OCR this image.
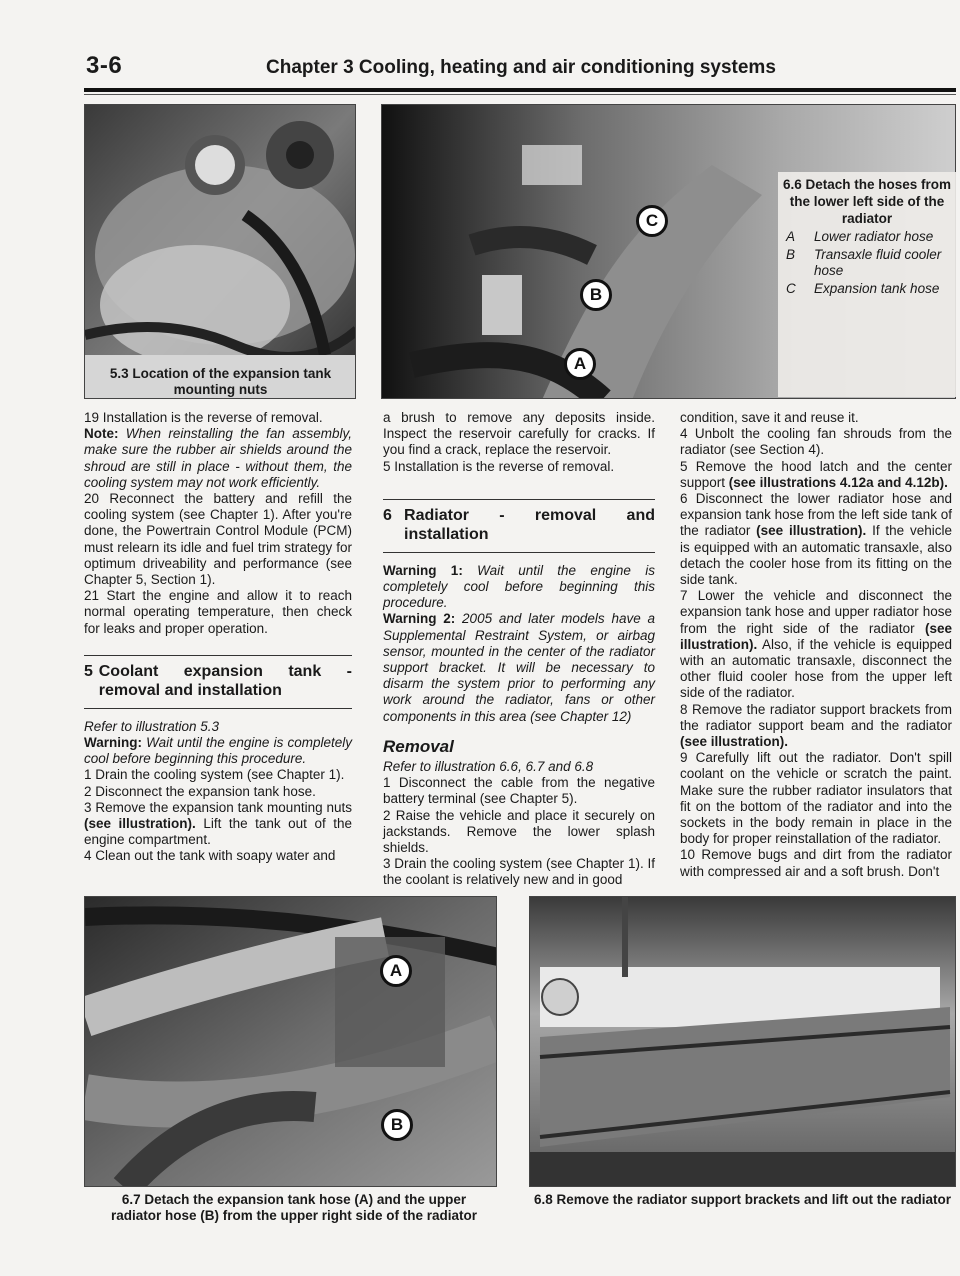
3-6	Chapter 3 Cooling, heating and air conditioning systems
5.3 Location of the expansion tank mounting nuts
C
B
A
6.6 Detach the hoses from the lower left side of the radiator
A	Lower radiator hose
B	Transaxle fluid cooler hose
C	Expansion tank hose

19 Installation is the reverse of removal.

Note: When reinstalling the fan assembly, make sure the rubber air shields around the shroud are still in place - without them, the cooling system may not work efficiently.

20 Reconnect the battery and refill the cooling system (see Chapter 1). After you're done, the Powertrain Control Module (PCM) must relearn its idle and fuel trim strategy for optimum driveability and performance (see Chapter 5, Section 1).

21 Start the engine and allow it to reach normal operating temperature, then check for leaks and proper operation.

5 Coolant expansion tank - removal and installation

Refer to illustration 5.3

Warning: Wait until the engine is completely cool before beginning this procedure.

1 Drain the cooling system (see Chapter 1).

2 Disconnect the expansion tank hose.

3 Remove the expansion tank mounting nuts (see illustration). Lift the tank out of the engine compartment.

4 Clean out the tank with soapy water and

a brush to remove any deposits inside. Inspect the reservoir carefully for cracks. If you find a crack, replace the reservoir.

5 Installation is the reverse of removal.

6 Radiator - removal and installation

Warning 1: Wait until the engine is completely cool before beginning this procedure.

Warning 2: 2005 and later models have a Supplemental Restraint System, or airbag sensor, mounted in the center of the radiator support bracket. It will be necessary to disarm the system prior to performing any work around the radiator, fans or other components in this area (see Chapter 12)

Removal

Refer to illustration 6.6, 6.7 and 6.8

1 Disconnect the cable from the negative battery terminal (see Chapter 5).

2 Raise the vehicle and place it securely on jackstands. Remove the lower splash shields.

3 Drain the cooling system (see Chapter 1). If the coolant is relatively new and in good

condition, save it and reuse it.

4 Unbolt the cooling fan shrouds from the radiator (see Section 4).

5 Remove the hood latch and the center support (see illustrations 4.12a and 4.12b).

6 Disconnect the lower radiator hose and expansion tank hose from the left side tank of the radiator (see illustration). If the vehicle is equipped with an automatic transaxle, also detach the cooler hose from its fitting on the side tank.

7 Lower the vehicle and disconnect the expansion tank hose and upper radiator hose from the right side of the radiator (see illustration). Also, if the vehicle is equipped with an automatic transaxle, disconnect the other fluid cooler hose from the upper left side of the radiator.

8 Remove the radiator support brackets from the radiator support beam and the radiator (see illustration).

9 Carefully lift out the radiator. Don't spill coolant on the vehicle or scratch the paint. Make sure the rubber radiator insulators that fit on the bottom of the radiator and into the sockets in the body remain in place in the body for proper reinstallation of the radiator.

10 Remove bugs and dirt from the radiator with compressed air and a soft brush. Don't

A
B
6.7 Detach the expansion tank hose (A) and the upper radiator hose (B) from the upper right side of the radiator
6.8 Remove the radiator support brackets and lift out the radiator
